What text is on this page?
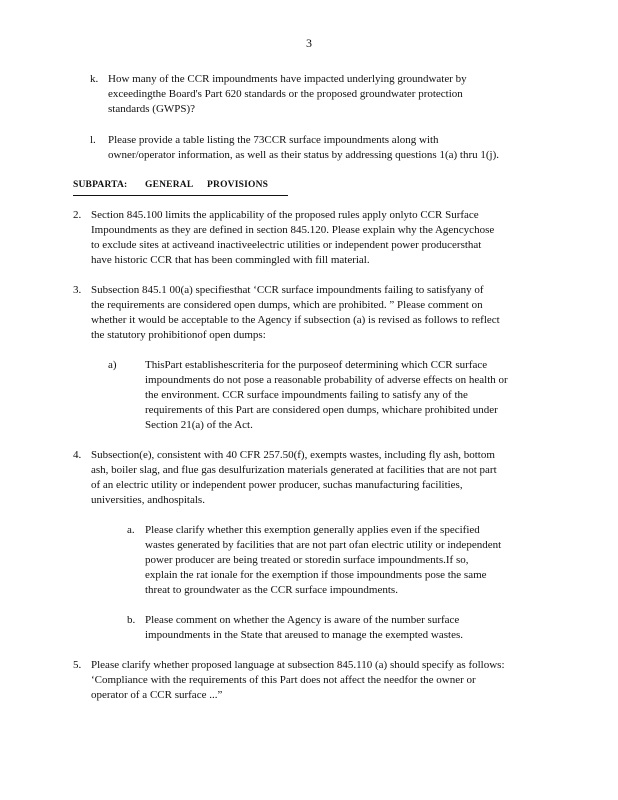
3
k. How many of the CCR impoundments have impacted underlying groundwater by
exceedingthe Board's Part 620 standards or the proposed groundwater protection
standards (GWPS)?
l.	Please provide a table listing the 73CCR surface impoundments along with
owner/operator information, as well as their status by addressing questions 1(a) thru 1(j).
SUBPARTA:	GENERAL	PROVISIONS
2. Section 845.100 limits the applicability of the proposed rules apply onlyto CCR Surface
Impoundments as they are defined in section 845.120. Please explain why the Agencychose
to exclude sites at activeand inactiveelectric utilities or independent power producersthat
have historic CCR that has been commingled with fill material.
3. Subsection 845.1 00(a) specifiesthat ‘CCR surface impoundments failing to satisfyany of
the requirements are considered open dumps, which are prohibited. ” Please comment on
whether it would be acceptable to the Agency if subsection (a) is revised as follows to reflect
the statutory prohibitionof open dumps:
a)	ThisPart establishescriteria for the purposeof determining which CCR surface
impoundments do not pose a reasonable probability of adverse effects on health or
the environment. CCR surface impoundments failing to satisfy any of the
requirements of this Part are considered open dumps, whichare prohibited under
Section 21(a) of the Act.
4. Subsection(e), consistent with 40 CFR 257.50(f), exempts wastes, including fly ash, bottom
ash, boiler slag, and flue gas desulfurization materials generated at facilities that are not part
of an electric utility or independent power producer, suchas manufacturing facilities,
universities, andhospitals.
a. Please clarify whether this exemption generally applies even if the specified
wastes generated by facilities that are not part ofan electric utility or independent
power producer are being treated or storedin surface impoundments.If so,
explain the rat ionale for the exemption if those impoundments pose the same
threat to groundwater as the CCR surface impoundments.
b. Please comment on whether the Agency is aware of the number surface
impoundments in the State that areused to manage the exempted wastes.
5. Please clarify whether proposed language at subsection 845.110 (a) should specify as follows:
‘Compliance with the requirements of this Part does not affect the needfor the owner or
operator of a CCR surface ...”
